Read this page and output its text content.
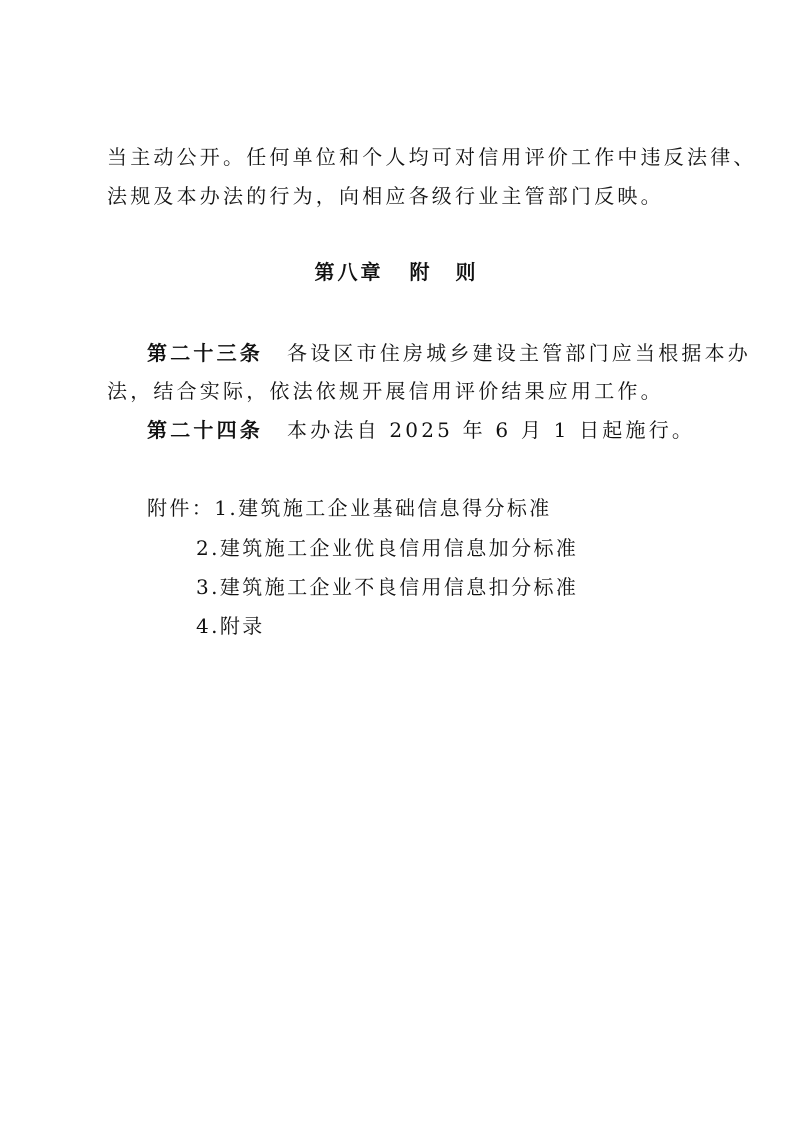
当主动公开。任何单位和个人均可对信用评价工作中违反法律、
法规及本办法的行为，向相应各级行业主管部门反映。
第八章 附　则
第二十三条 各设区市住房城乡建设主管部门应当根据本办
法，结合实际，依法依规开展信用评价结果应用工作。
第二十四条 本办法自 2025 年 6 月 1 日起施行。
附件：1.建筑施工企业基础信息得分标准
2.建筑施工企业优良信用信息加分标准
3.建筑施工企业不良信用信息扣分标准
4.附录
